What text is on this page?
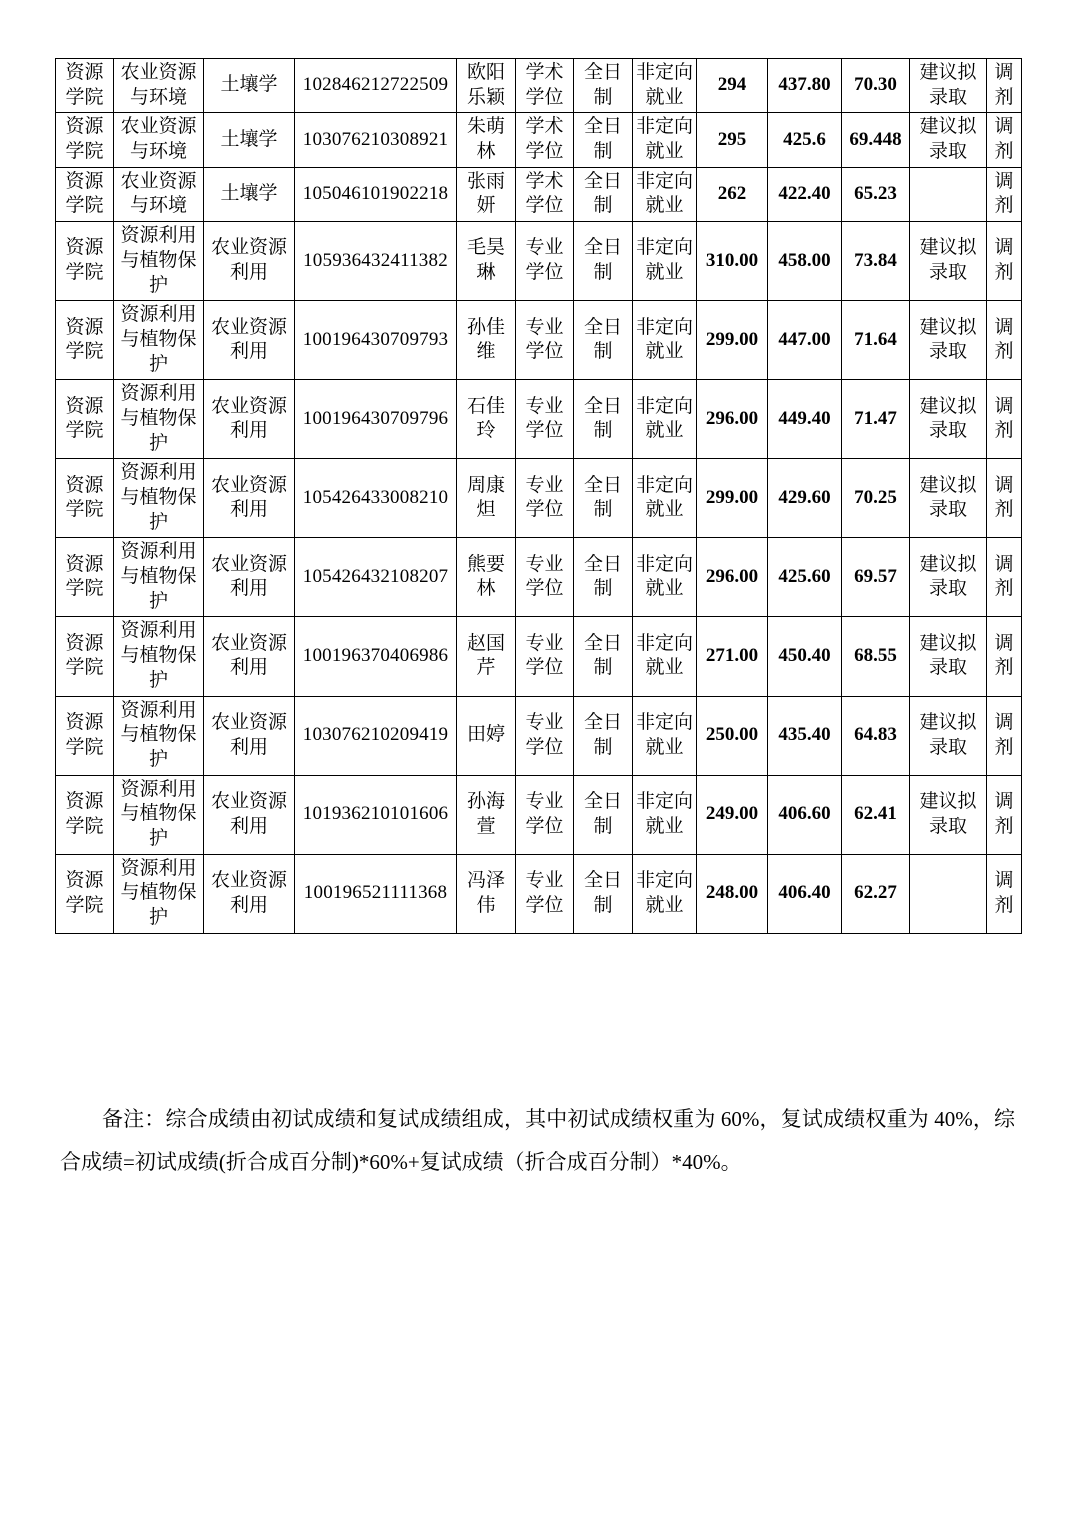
资源学院	农业资源与环境	土壤学	102846212722509	欧阳乐颖	学术学位	全日制	非定向就业	294	437.80	70.30	建议拟录取	调剂
资源学院	农业资源与环境	土壤学	103076210308921	朱萌林	学术学位	全日制	非定向就业	295	425.6	69.448	建议拟录取	调剂
资源学院	农业资源与环境	土壤学	105046101902218	张雨妍	学术学位	全日制	非定向就业	262	422.40	65.23		调剂
资源学院	资源利用与植物保护	农业资源利用	105936432411382	毛昊琳	专业学位	全日制	非定向就业	310.00	458.00	73.84	建议拟录取	调剂
资源学院	资源利用与植物保护	农业资源利用	100196430709793	孙佳维	专业学位	全日制	非定向就业	299.00	447.00	71.64	建议拟录取	调剂
资源学院	资源利用与植物保护	农业资源利用	100196430709796	石佳玲	专业学位	全日制	非定向就业	296.00	449.40	71.47	建议拟录取	调剂
资源学院	资源利用与植物保护	农业资源利用	105426433008210	周康炟	专业学位	全日制	非定向就业	299.00	429.60	70.25	建议拟录取	调剂
资源学院	资源利用与植物保护	农业资源利用	105426432108207	熊要林	专业学位	全日制	非定向就业	296.00	425.60	69.57	建议拟录取	调剂
资源学院	资源利用与植物保护	农业资源利用	100196370406986	赵国芹	专业学位	全日制	非定向就业	271.00	450.40	68.55	建议拟录取	调剂
资源学院	资源利用与植物保护	农业资源利用	103076210209419	田婷	专业学位	全日制	非定向就业	250.00	435.40	64.83	建议拟录取	调剂
资源学院	资源利用与植物保护	农业资源利用	101936210101606	孙海萱	专业学位	全日制	非定向就业	249.00	406.60	62.41	建议拟录取	调剂
资源学院	资源利用与植物保护	农业资源利用	100196521111368	冯泽伟	专业学位	全日制	非定向就业	248.00	406.40	62.27		调剂
备注：综合成绩由初试成绩和复试成绩组成，其中初试成绩权重为 60%，复试成绩权重为 40%，综合成绩=初试成绩(折合成百分制)*60%+复试成绩（折合成百分制）*40%。
